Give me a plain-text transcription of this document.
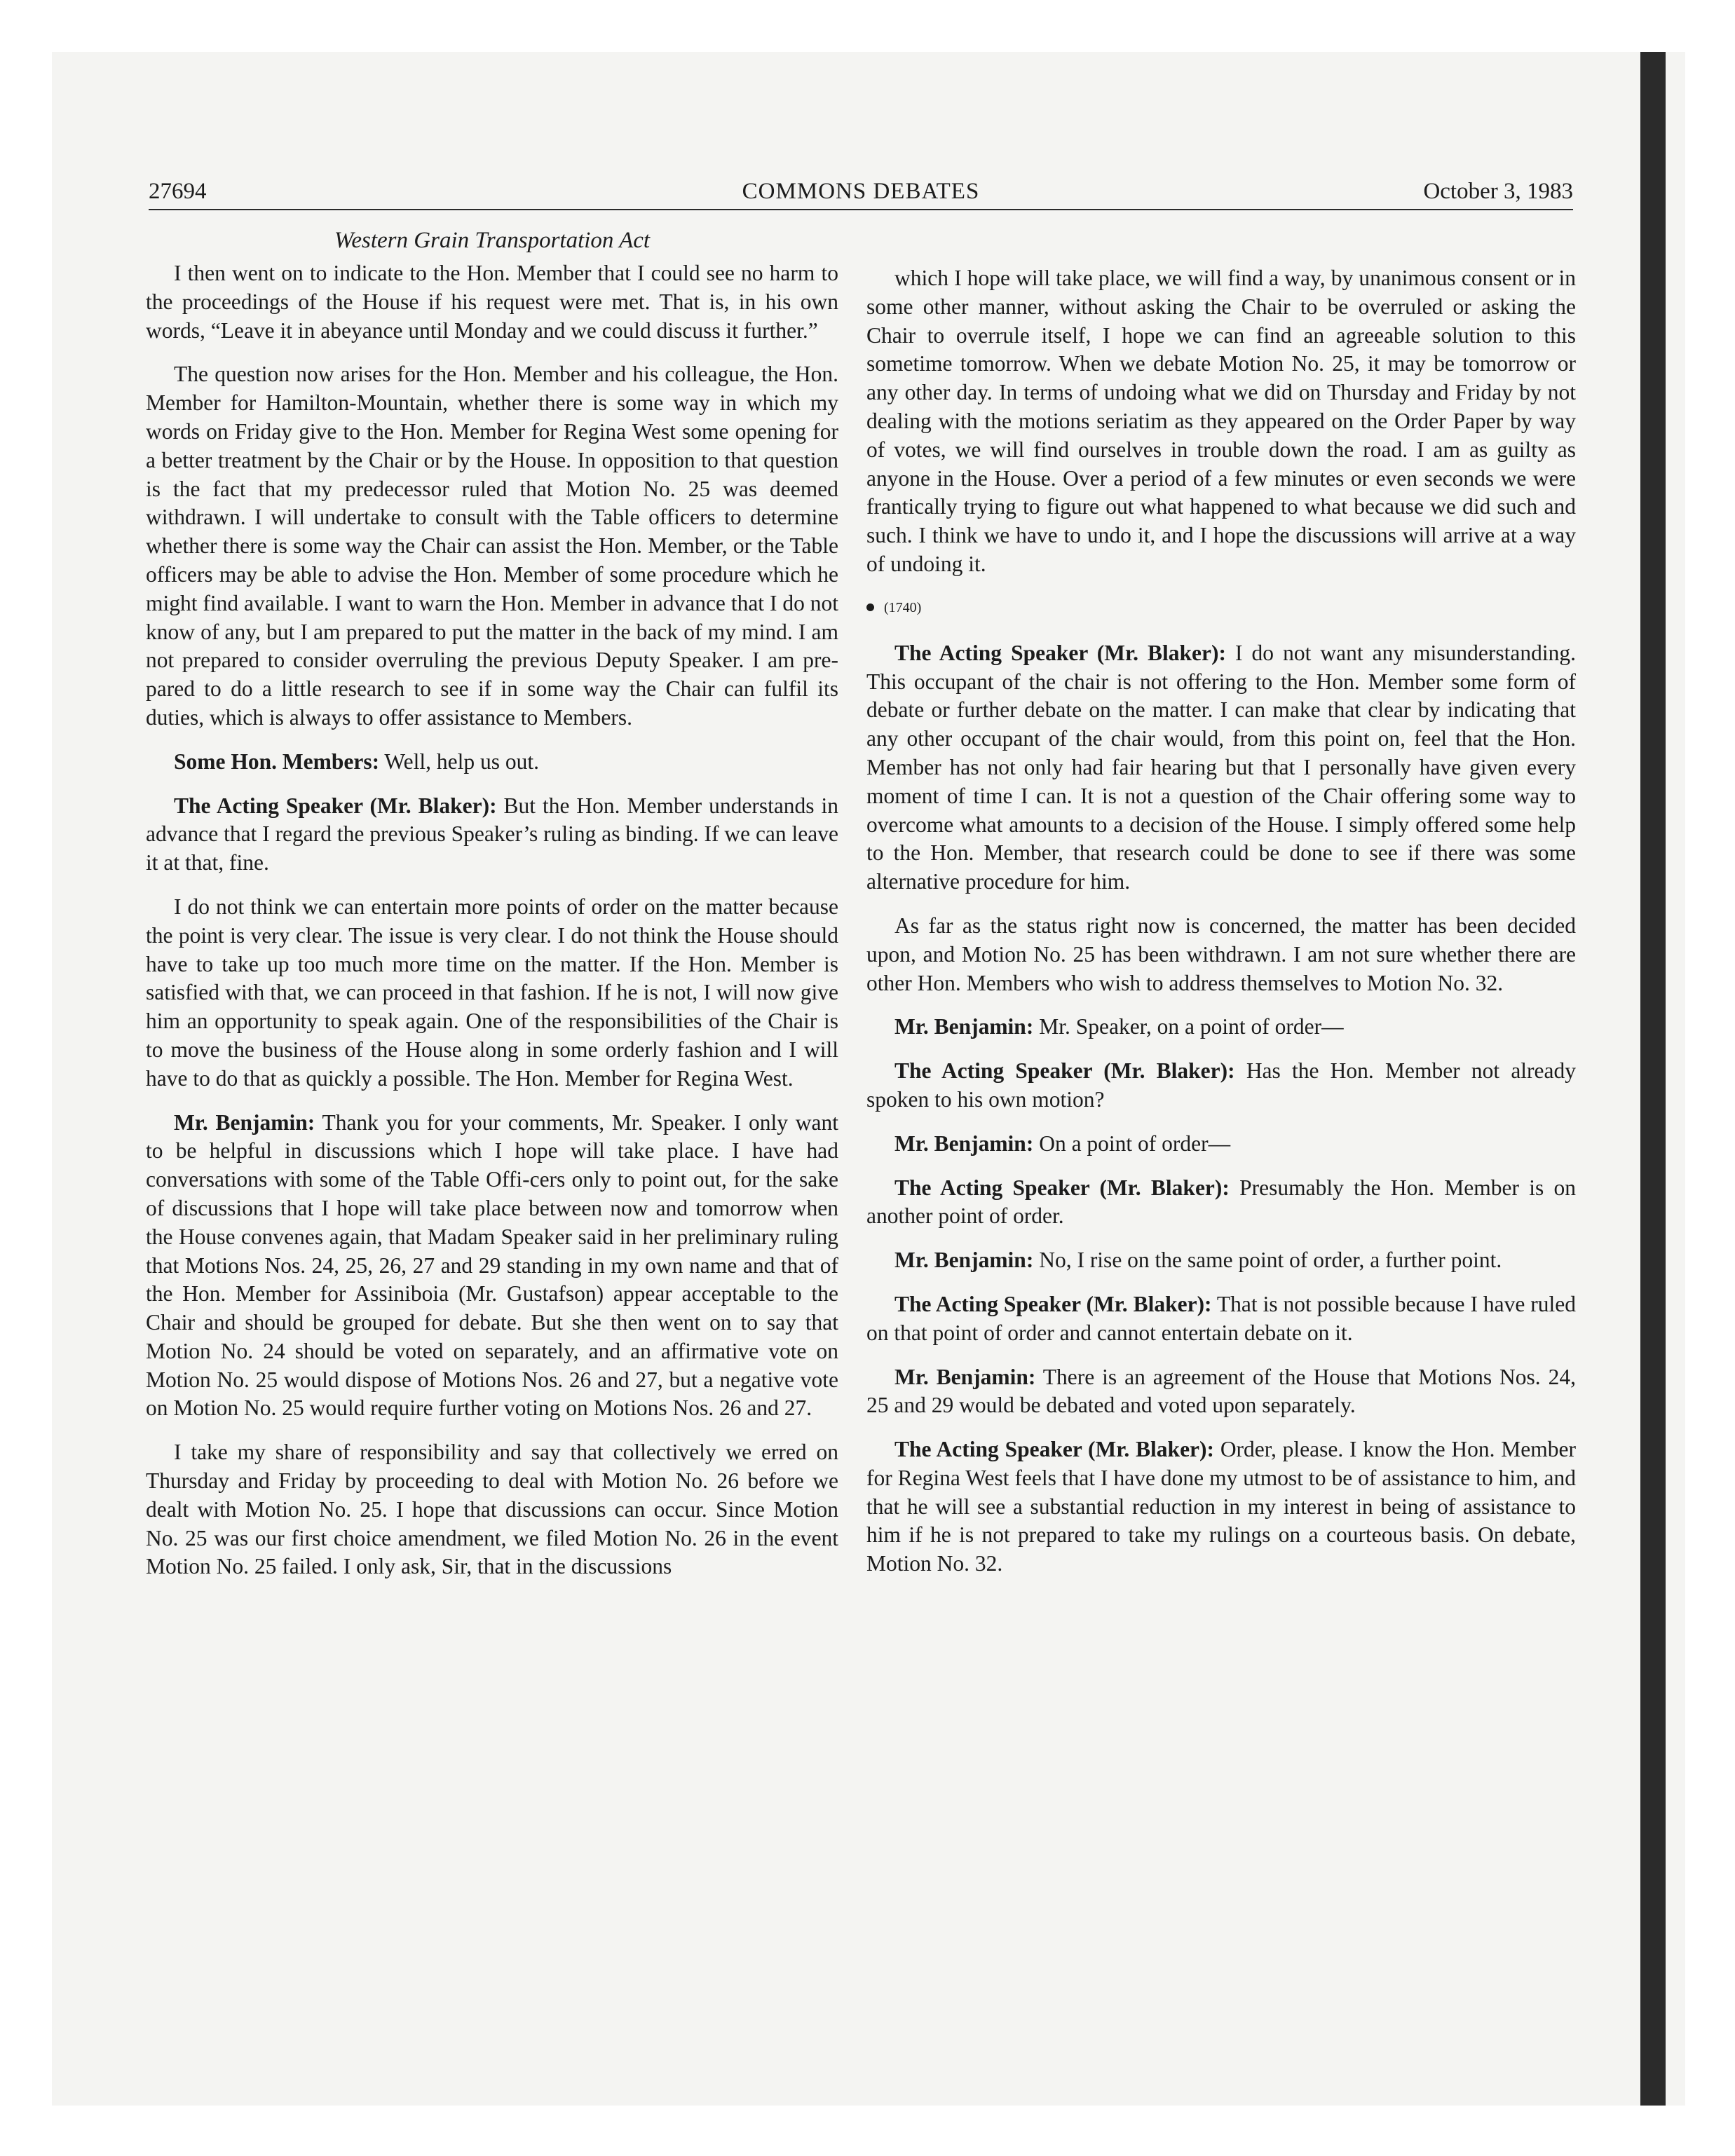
27694	COMMONS DEBATES	October 3, 1983
Western Grain Transportation Act

I then went on to indicate to the Hon. Member that I could see no harm to the proceedings of the House if his request were met. That is, in his own words, “Leave it in abeyance until Monday and we could discuss it further.”

The question now arises for the Hon. Member and his colleague, the Hon. Member for Hamilton-Mountain, whether there is some way in which my words on Friday give to the Hon. Member for Regina West some opening for a better treatment by the Chair or by the House. In opposition to that question is the fact that my predecessor ruled that Motion No. 25 was deemed withdrawn. I will undertake to consult with the Table officers to determine whether there is some way the Chair can assist the Hon. Member, or the Table officers may be able to advise the Hon. Member of some procedure which he might find available. I want to warn the Hon. Member in advance that I do not know of any, but I am prepared to put the matter in the back of my mind. I am not prepared to consider overruling the previous Deputy Speaker. I am pre-pared to do a little research to see if in some way the Chair can fulfil its duties, which is always to offer assistance to Members.

Some Hon. Members: Well, help us out.

The Acting Speaker (Mr. Blaker): But the Hon. Member understands in advance that I regard the previous Speaker’s ruling as binding. If we can leave it at that, fine.

I do not think we can entertain more points of order on the matter because the point is very clear. The issue is very clear. I do not think the House should have to take up too much more time on the matter. If the Hon. Member is satisfied with that, we can proceed in that fashion. If he is not, I will now give him an opportunity to speak again. One of the responsibilities of the Chair is to move the business of the House along in some orderly fashion and I will have to do that as quickly a possible. The Hon. Member for Regina West.

Mr. Benjamin: Thank you for your comments, Mr. Speaker. I only want to be helpful in discussions which I hope will take place. I have had conversations with some of the Table Offi-cers only to point out, for the sake of discussions that I hope will take place between now and tomorrow when the House convenes again, that Madam Speaker said in her preliminary ruling that Motions Nos. 24, 25, 26, 27 and 29 standing in my own name and that of the Hon. Member for Assiniboia (Mr. Gustafson) appear acceptable to the Chair and should be grouped for debate. But she then went on to say that Motion No. 24 should be voted on separately, and an affirmative vote on Motion No. 25 would dispose of Motions Nos. 26 and 27, but a negative vote on Motion No. 25 would require further voting on Motions Nos. 26 and 27.

I take my share of responsibility and say that collectively we erred on Thursday and Friday by proceeding to deal with Motion No. 26 before we dealt with Motion No. 25. I hope that discussions can occur. Since Motion No. 25 was our first choice amendment, we filed Motion No. 26 in the event Motion No. 25 failed. I only ask, Sir, that in the discussions

which I hope will take place, we will find a way, by unanimous consent or in some other manner, without asking the Chair to be overruled or asking the Chair to overrule itself, I hope we can find an agreeable solution to this sometime tomorrow. When we debate Motion No. 25, it may be tomorrow or any other day. In terms of undoing what we did on Thursday and Friday by not dealing with the motions seriatim as they appeared on the Order Paper by way of votes, we will find ourselves in trouble down the road. I am as guilty as anyone in the House. Over a period of a few minutes or even seconds we were frantically trying to figure out what happened to what because we did such and such. I think we have to undo it, and I hope the discussions will arrive at a way of undoing it.

(1740)

The Acting Speaker (Mr. Blaker): I do not want any misunderstanding. This occupant of the chair is not offering to the Hon. Member some form of debate or further debate on the matter. I can make that clear by indicating that any other occupant of the chair would, from this point on, feel that the Hon. Member has not only had fair hearing but that I personally have given every moment of time I can. It is not a question of the Chair offering some way to overcome what amounts to a decision of the House. I simply offered some help to the Hon. Member, that research could be done to see if there was some alternative procedure for him.

As far as the status right now is concerned, the matter has been decided upon, and Motion No. 25 has been withdrawn. I am not sure whether there are other Hon. Members who wish to address themselves to Motion No. 32.

Mr. Benjamin: Mr. Speaker, on a point of order—

The Acting Speaker (Mr. Blaker): Has the Hon. Member not already spoken to his own motion?

Mr. Benjamin: On a point of order—

The Acting Speaker (Mr. Blaker): Presumably the Hon. Member is on another point of order.

Mr. Benjamin: No, I rise on the same point of order, a further point.

The Acting Speaker (Mr. Blaker): That is not possible because I have ruled on that point of order and cannot entertain debate on it.

Mr. Benjamin: There is an agreement of the House that Motions Nos. 24, 25 and 29 would be debated and voted upon separately.

The Acting Speaker (Mr. Blaker): Order, please. I know the Hon. Member for Regina West feels that I have done my utmost to be of assistance to him, and that he will see a substantial reduction in my interest in being of assistance to him if he is not prepared to take my rulings on a courteous basis. On debate, Motion No. 32.
